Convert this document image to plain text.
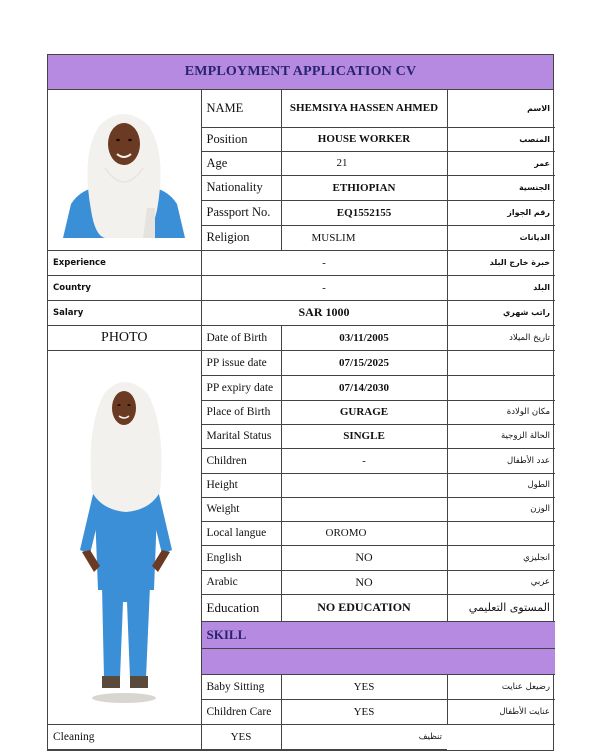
EMPLOYMENT APPLICATION CV
	NAME	SHEMSIYA HASSEN AHMED	الاسم
	Position	HOUSE WORKER	المنصب
	Age	21	عمر
	Nationality	ETHIOPIAN	الجنسية
	Passport No.	EQ1552155	رقم الجواز
	Religion	MUSLIM	الديانات
Experience	-		خبرة خارج البلد
Country	-		البلد
Salary	SAR 1000		راتب شهري
PHOTO	Date of Birth	03/11/2005	تاريخ الميلاد
	PP issue date	07/15/2025	
	PP expiry date	07/14/2030	
	Place of Birth	GURAGE	مكان الولادة
	Marital Status	SINGLE	الحالة الزوجية
	Children	-	عدد الأطفال
	Height		الطول
	Weight		الوزن
	Local langue	OROMO	
	English	NO	انجليزي
	Arabic	NO	عربي
	Education	NO EDUCATION	المستوى التعليمي
	SKILL		

	Baby Sitting	YES	رضيعل عنايت
	Children Care	YES	عنايت الأطفال
Cleaning	YES	تنظيف	
